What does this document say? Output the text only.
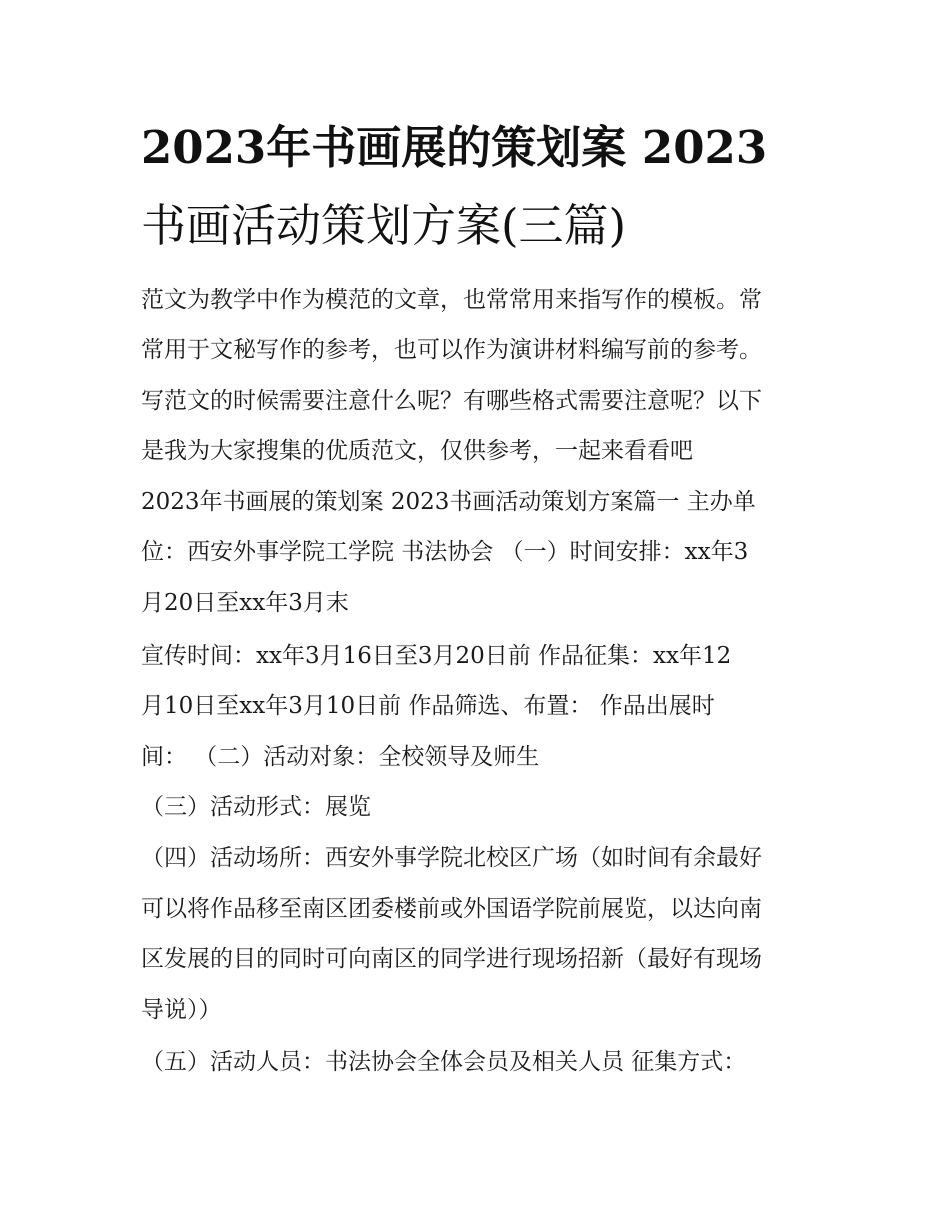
2023年书画展的策划案 2023
书画活动策划方案(三篇)

范文为教学中作为模范的文章，也常常用来指写作的模板。常

常用于文秘写作的参考，也可以作为演讲材料编写前的参考。

写范文的时候需要注意什么呢？有哪些格式需要注意呢？以下

是我为大家搜集的优质范文，仅供参考，一起来看看吧

2023年书画展的策划案 2023书画活动策划方案篇一 主办单

位：西安外事学院工学院 书法协会 （一）时间安排：xx年3

月20日至xx年3月末

宣传时间：xx年3月16日至3月20日前 作品征集：xx年12

月10日至xx年3月10日前 作品筛选、布置： 作品出展时

间： （二）活动对象：全校领导及师生

（三）活动形式：展览

（四）活动场所：西安外事学院北校区广场（如时间有余最好

可以将作品移至南区团委楼前或外国语学院前展览，以达向南

区发展的目的同时可向南区的同学进行现场招新（最好有现场

导说））

（五）活动人员：书法协会全体会员及相关人员 征集方式：
